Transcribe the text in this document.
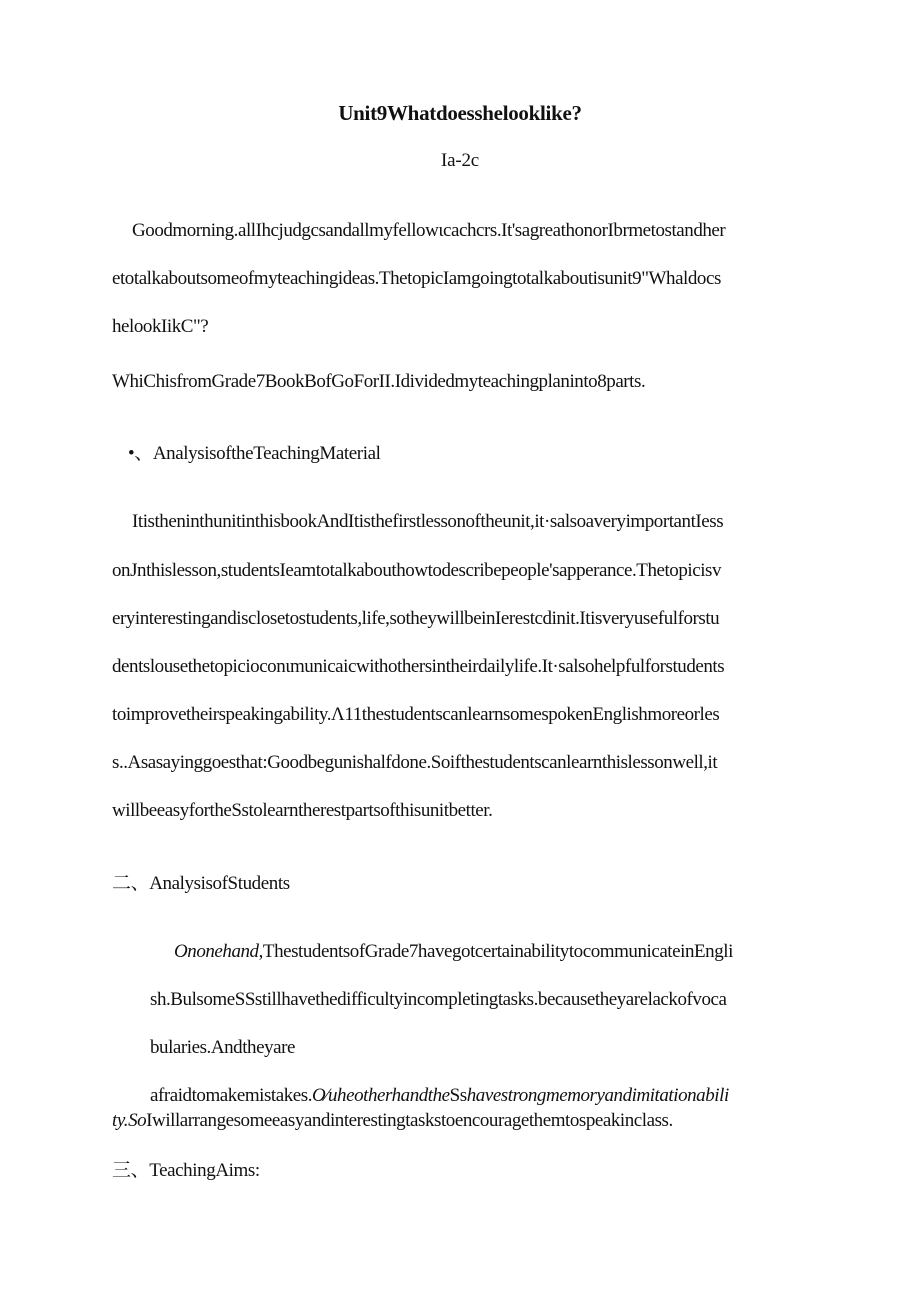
Unit9Whatdoesshelooklike?
Ia-2c
Goodmorning.allIhcjudgcsandallmyfellowιcachcrs.It'sagreathonorIbrmetostandher
etotalkaboutsomeofmyteachingideas.ThetopicIamgoingtotalkaboutisunit9"Whaldocs
helookIikC"?
WhiChisfromGrade7BookBofGoForII.Idividedmyteachingplaninto8parts.
•、AnalysisoftheTeachingMaterial
ItistheninthunitinthisbookAndItisthefirstlessonoftheunit,it·salsoaveryimportantIess
onJnthislesson,studentsIeamtotalkabouthowtodescribepeople'sapperance.Thetopicisv
eryinterestingandisclosetostudents,life,sotheywillbeinIerestcdinit.Itisveryusefulforstu
dentslousethetopicioconιmunicaicwithothersintheirdailylife.It·salsohelpfulforstudents
toimprovetheirspeakingability.Λ11thestudentscanlearnsomespokenEnglishmoreorles
s..Asasayinggoesthat:Goodbegunishalfdone.Soifthestudentscanlearnthislessonwell,it
willbeeasyfortheSstolearntherestpartsofthisunitbetter.
二、AnalysisofStudents
Ononehand,ThestudentsofGrade7havegotcertainabilitytocommunicateinEngli
sh.BulsomeSSstillhavethedifficultyincompletingtasks.becausetheyarelackofvoca
bularies.Andtheyare
afraidtomakemistakes.O∕uheotherhandtheSshavestrongmemoryandimitationabili
ty.SoIwillarrangesomeeasyandinterestingtaskstoencouragethemtospeakinclass.
三、TeachingAims:
